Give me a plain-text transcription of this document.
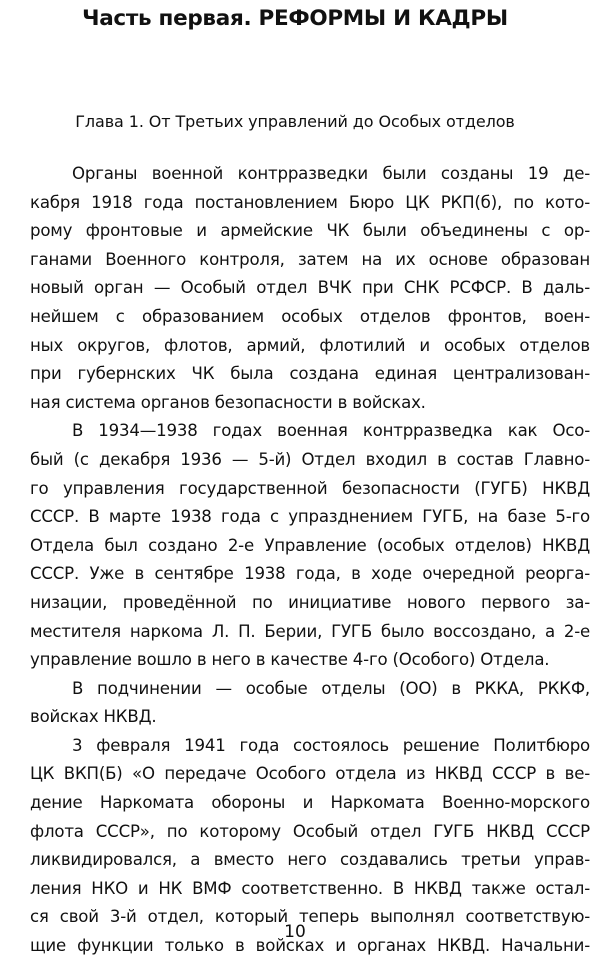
Часть первая. РЕФОРМЫ И КАДРЫ
Глава 1. От Третьих управлений до Особых отделов
Органы военной контрразведки были созданы 19 де-
кабря 1918 года постановлением Бюро ЦК РКП(б), по кото-
рому фронтовые и армейские ЧК были объединены с ор-
ганами Военного контроля, затем на их основе образован
новый орган — Особый отдел ВЧК при СНК РСФСР. В даль-
нейшем с образованием особых отделов фронтов, воен-
ных округов, флотов, армий, флотилий и особых отделов
при губернских ЧК была создана единая централизован-
ная система органов безопасности в войсках.
В 1934—1938 годах военная контрразведка как Осо-
бый (с декабря 1936 — 5-й) Отдел входил в состав Главно-
го управления государственной безопасности (ГУГБ) НКВД
СССР. В марте 1938 года с упразднением ГУГБ, на базе 5-го
Отдела был создано 2-е Управление (особых отделов) НКВД
СССР. Уже в сентябре 1938 года, в ходе очередной реорга-
низации, проведённой по инициативе нового первого за-
местителя наркома Л. П. Берии, ГУГБ было воссоздано, а 2-е
управление вошло в него в качестве 4-го (Особого) Отдела.
В подчинении — особые отделы (ОО) в РККА, РККФ,
войсках НКВД.
3 февраля 1941 года состоялось решение Политбюро
ЦК ВКП(Б) «О передаче Особого отдела из НКВД СССР в ве-
дение Наркомата обороны и Наркомата Военно-морского
флота СССР», по которому Особый отдел ГУГБ НКВД СССР
ликвидировался, а вместо него создавались третьи управ-
ления НКО и НК ВМФ соответственно. В НКВД также остал-
ся свой 3-й отдел, который теперь выполнял соответствую-
щие функции только в войсках и органах НКВД. Начальни-
10
